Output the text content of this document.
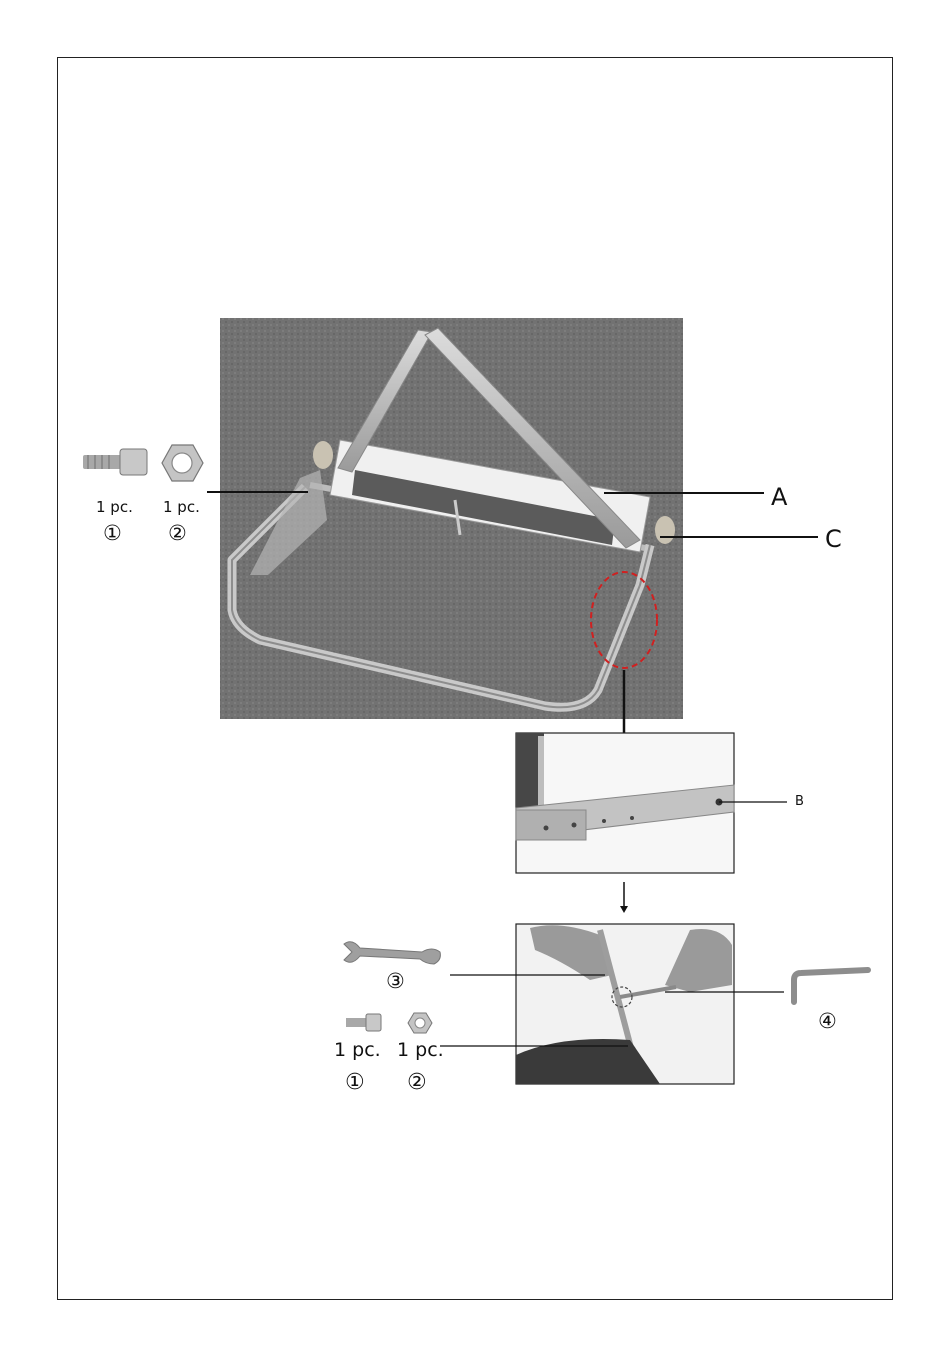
1 pc.
①
1 pc.
②
A
C
B
③
④
1 pc.
①
1 pc.
②
